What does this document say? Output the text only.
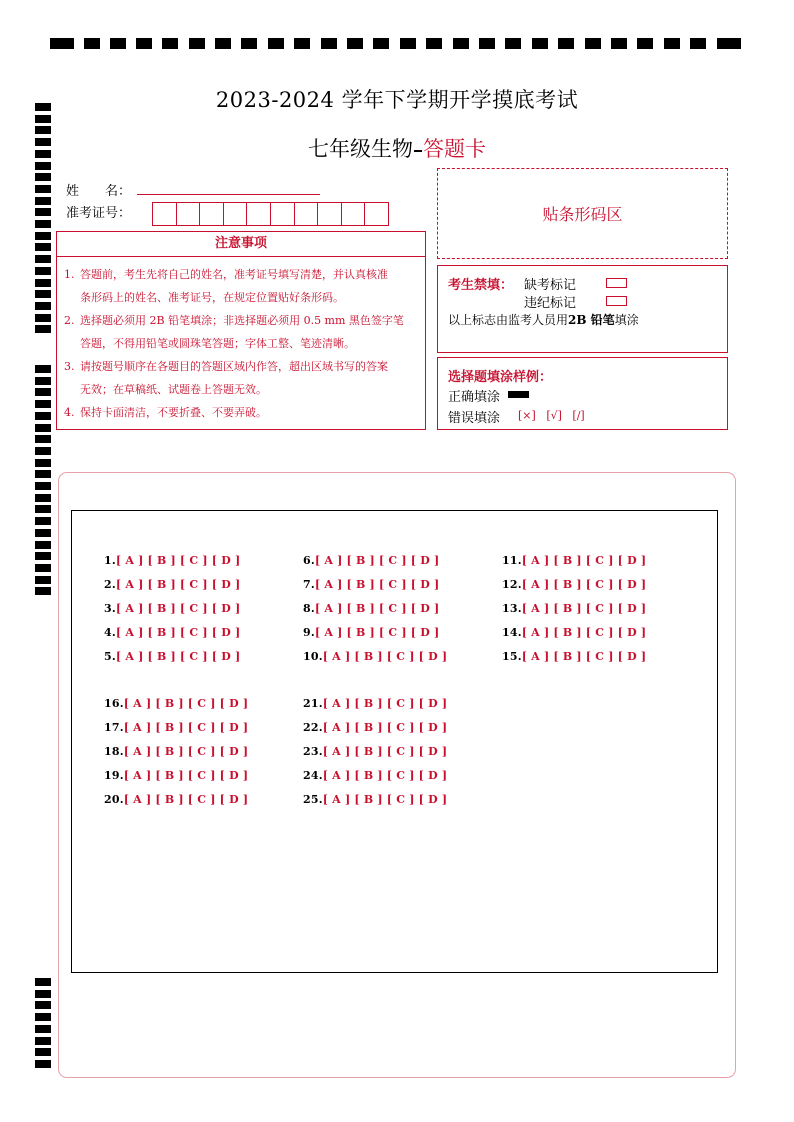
2023-2024 学年下学期开学摸底考试
七年级生物 答题卡
姓　　名：
准考证号：	贴条形码区
注意事项
1. 答题前，考生先将自己的姓名，准考证号填写清楚，并认真核准
条形码上的姓名、准考证号，在规定位置贴好条形码。
2. 选择题必须用 2B 铅笔填涂；非选择题必须用 0.5 mm 黑色签字笔
答题，不得用铅笔或圆珠笔答题；字体工整、笔迹清晰。
3. 请按题号顺序在各题目的答题区域内作答，超出区域书写的答案
无效；在草稿纸、试题卷上答题无效。
4. 保持卡面清洁，不要折叠、不要弄破。
考生禁填： 缺考标记
违纪标记
以上标志由监考人员用2B 铅笔填涂
选择题填涂样例：
正确填涂
错误填涂 [×] [√] [/]
1.[ A ] [ B ] [ C ] [ D ]
2.[ A ] [ B ] [ C ] [ D ]
3.[ A ] [ B ] [ C ] [ D ]
4.[ A ] [ B ] [ C ] [ D ]
5.[ A ] [ B ] [ C ] [ D ]
6.[ A ] [ B ] [ C ] [ D ]
7.[ A ] [ B ] [ C ] [ D ]
8.[ A ] [ B ] [ C ] [ D ]
9.[ A ] [ B ] [ C ] [ D ]
10.[ A ] [ B ] [ C ] [ D ]
11.[ A ] [ B ] [ C ] [ D ]
12.[ A ] [ B ] [ C ] [ D ]
13.[ A ] [ B ] [ C ] [ D ]
14.[ A ] [ B ] [ C ] [ D ]
15.[ A ] [ B ] [ C ] [ D ]
16.[ A ] [ B ] [ C ] [ D ]
17.[ A ] [ B ] [ C ] [ D ]
18.[ A ] [ B ] [ C ] [ D ]
19.[ A ] [ B ] [ C ] [ D ]
20.[ A ] [ B ] [ C ] [ D ]
21.[ A ] [ B ] [ C ] [ D ]
22.[ A ] [ B ] [ C ] [ D ]
23.[ A ] [ B ] [ C ] [ D ]
24.[ A ] [ B ] [ C ] [ D ]
25.[ A ] [ B ] [ C ] [ D ]
